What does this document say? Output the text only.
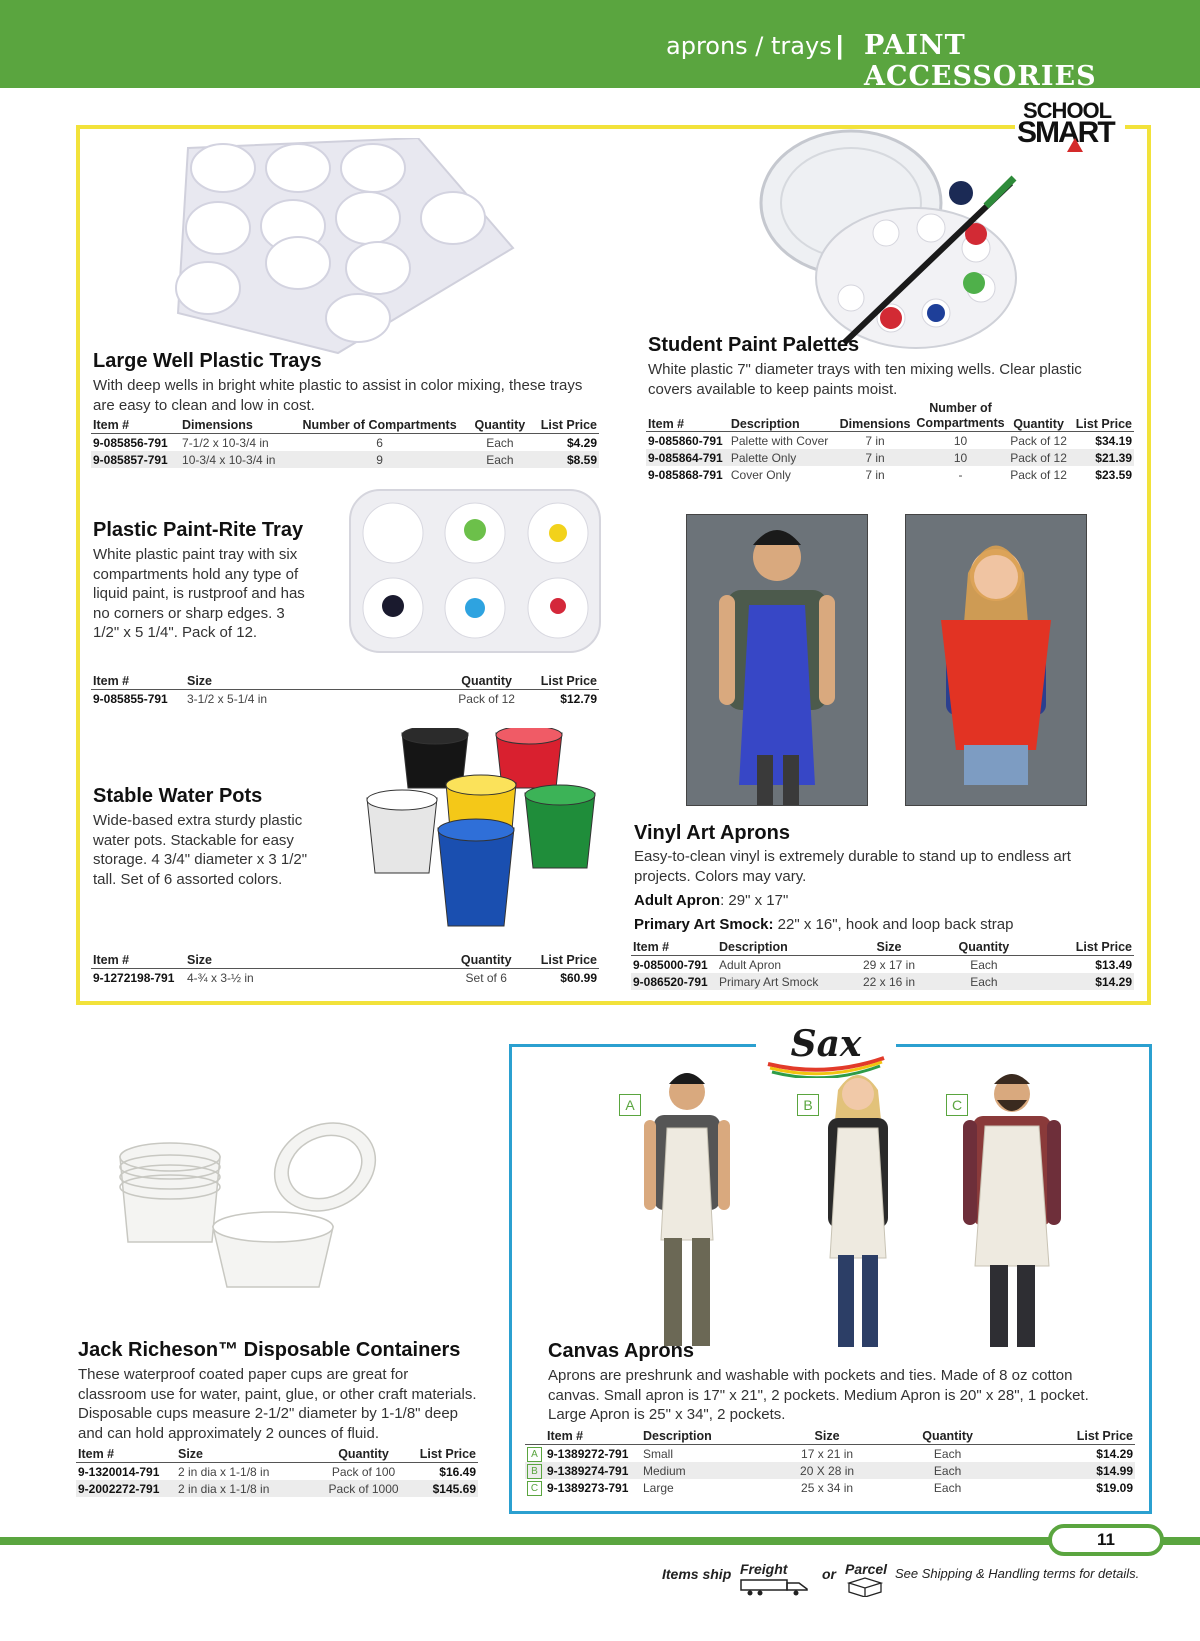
aprons / trays | PAINT ACCESSORIES
SCHOOL
SMART
Sax
Large Well Plastic Trays
With deep wells in bright white plastic to assist in color mixing, these trays are easy to clean and low in cost.
Item #	Dimensions	Number of Compartments	Quantity	List Price
9-085856-791	7-1/2 x 10-3/4 in	6	Each	$4.29
9-085857-791	10-3/4 x 10-3/4 in	9	Each	$8.59
Plastic Paint-Rite Tray
White plastic paint tray with six compartments hold any type of liquid paint, is rustproof and has no corners or sharp edges. 3 1/2" x 5 1/4". Pack of 12.
Item #	Size	Quantity	List Price
9-085855-791	3-1/2 x 5-1/4 in	Pack of 12	$12.79
Stable Water Pots
Wide-based extra sturdy plastic water pots. Stackable for easy storage. 4 3/4" diameter x 3 1/2" tall. Set of 6 assorted colors.
Item #	Size	Quantity	List Price
9-1272198-791	4-¾ x 3-½ in	Set of 6	$60.99
Student Paint Palettes
White plastic 7" diameter trays with ten mixing wells. Clear plastic covers available to keep paints moist.
Item #	Description	Dimensions	Number of Compartments	Quantity	List Price
9-085860-791	Palette with Cover	7 in	10	Pack of 12	$34.19
9-085864-791	Palette Only	7 in	10	Pack of 12	$21.39
9-085868-791	Cover Only	7 in	-	Pack of 12	$23.59
Vinyl Art Aprons
Easy-to-clean vinyl is extremely durable to stand up to endless art projects. Colors may vary.
Adult Apron: 29" x 17"
Primary Art Smock: 22" x 16", hook and loop back strap
Item #	Description	Size	Quantity	List Price
9-085000-791	Adult Apron	29 x 17 in	Each	$13.49
9-086520-791	Primary Art Smock	22 x 16 in	Each	$14.29
Jack Richeson™ Disposable Containers
These waterproof coated paper cups are great for classroom use for water, paint, glue, or other craft materials. Disposable cups measure 2-1/2" diameter by 1-1/8" deep and can hold approximately 2 ounces of fluid.
Item #	Size	Quantity	List Price
9-1320014-791	2 in dia x 1-1/8 in	Pack of 100	$16.49
9-2002272-791	2 in dia x 1-1/8 in	Pack of 1000	$145.69
A	B	C
Canvas Aprons
Aprons are preshrunk and washable with pockets and ties. Made of 8 oz cotton canvas. Small apron is 17" x 21", 2 pockets. Medium Apron is 20" x 28", 1 pocket. Large Apron is 25" x 34", 2 pockets.
	Item #	Description	Size	Quantity	List Price
A	9-1389272-791	Small	17 x 21 in	Each	$14.29
B	9-1389274-791	Medium	20 X 28 in	Each	$14.99
C	9-1389273-791	Large	25 x 34 in	Each	$19.09
11
Items ship Freight or Parcel See Shipping & Handling terms for details.
